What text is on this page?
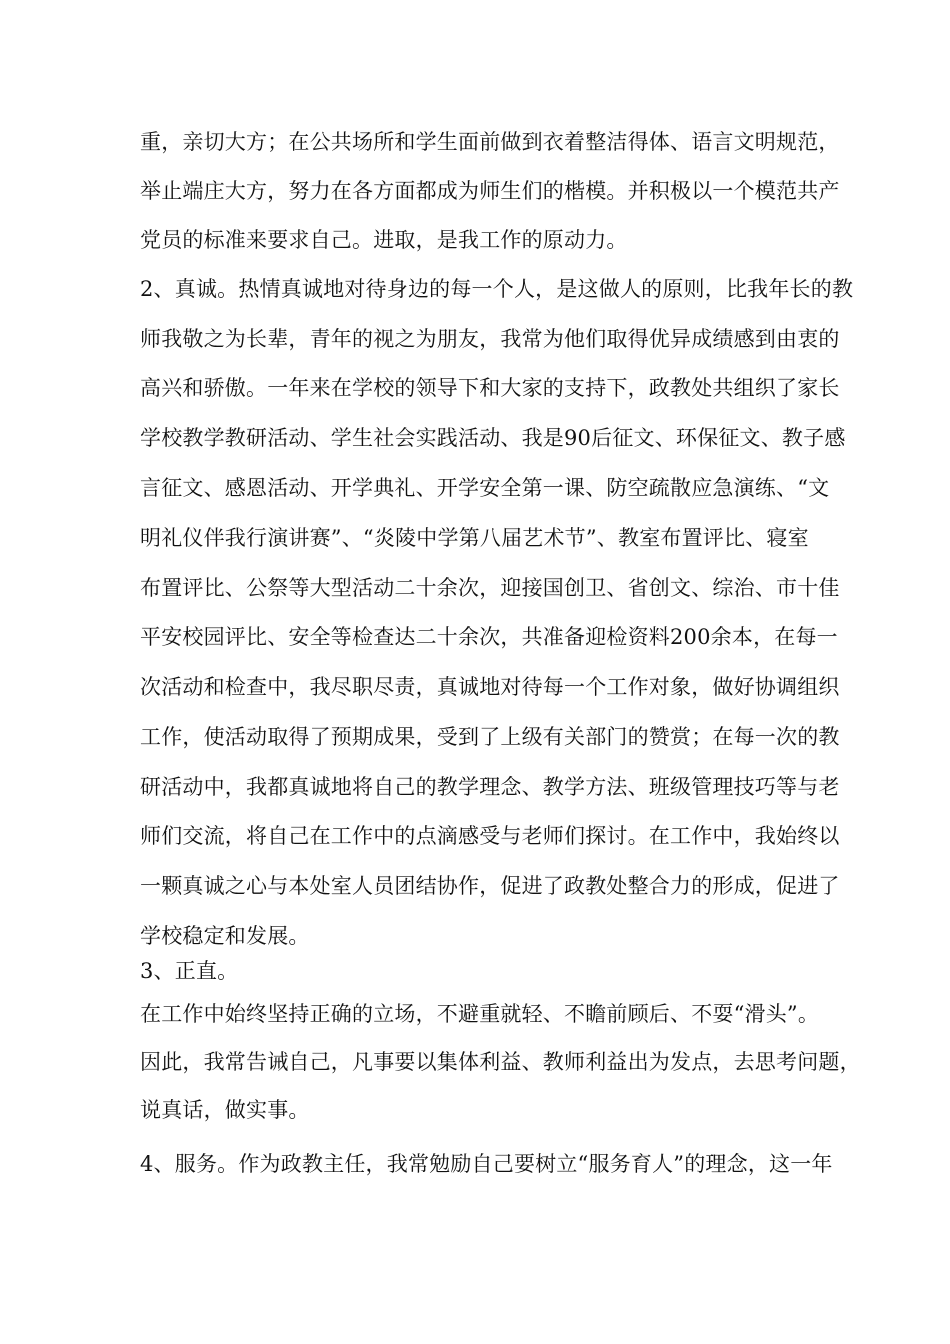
重，亲切大方；在公共场所和学生面前做到衣着整洁得体、语言文明规范，
举止端庄大方，努力在各方面都成为师生们的楷模。并积极以一个模范共产
党员的标准来要求自己。进取，是我工作的原动力。
2、真诚。热情真诚地对待身边的每一个人，是这做人的原则，比我年长的教
师我敬之为长辈，青年的视之为朋友，我常为他们取得优异成绩感到由衷的
高兴和骄傲。一年来在学校的领导下和大家的支持下，政教处共组织了家长
学校教学教研活动、学生社会实践活动、我是90后征文、环保征文、教子感
言征文、感恩活动、开学典礼、开学安全第一课、防空疏散应急演练、“文
明礼仪伴我行演讲赛”、“炎陵中学第八届艺术节”、教室布置评比、寝室
布置评比、公祭等大型活动二十余次，迎接国创卫、省创文、综治、市十佳
平安校园评比、安全等检查达二十余次，共准备迎检资料200余本，在每一
次活动和检查中，我尽职尽责，真诚地对待每一个工作对象，做好协调组织
工作，使活动取得了预期成果，受到了上级有关部门的赞赏；在每一次的教
研活动中，我都真诚地将自己的教学理念、教学方法、班级管理技巧等与老
师们交流，将自己在工作中的点滴感受与老师们探讨。在工作中，我始终以
一颗真诚之心与本处室人员团结协作，促进了政教处整合力的形成，促进了
学校稳定和发展。
3、正直。
在工作中始终坚持正确的立场，不避重就轻、不瞻前顾后、不耍“滑头”。
因此，我常告诫自己，凡事要以集体利益、教师利益出为发点，去思考问题，
说真话，做实事。
4、服务。作为政教主任，我常勉励自己要树立“服务育人”的理念，这一年
